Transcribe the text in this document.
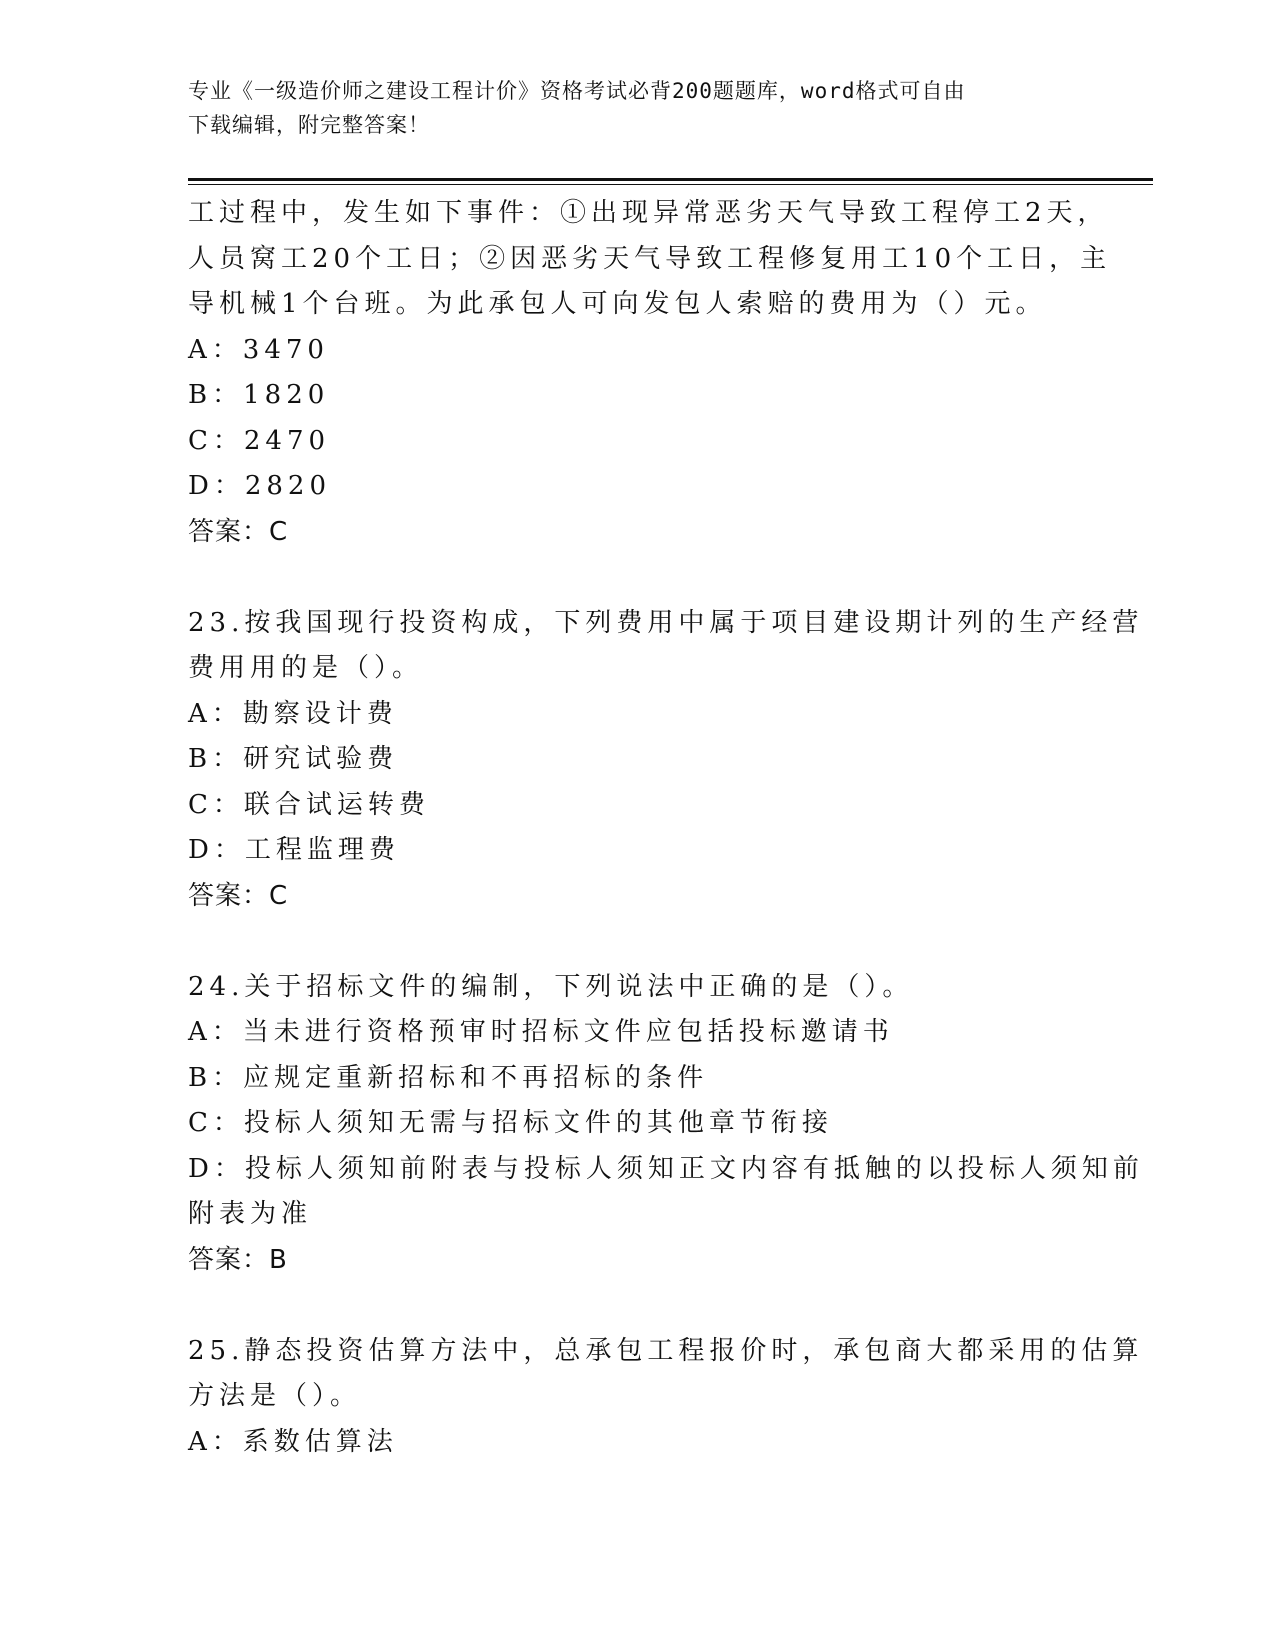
专业《一级造价师之建设工程计价》资格考试必背200题题库，word格式可自由
下载编辑，附完整答案！
工过程中，发生如下事件：①出现异常恶劣天气导致工程停工2天，
人员窝工20个工日；②因恶劣天气导致工程修复用工10个工日，主
导机械1个台班。为此承包人可向发包人索赔的费用为（）元。
A：3470
B：1820
C：2470
D：2820
答案：C
23.按我国现行投资构成，下列费用中属于项目建设期计列的生产经营
费用用的是（）。
A：勘察设计费
B：研究试验费
C：联合试运转费
D：工程监理费
答案：C
24.关于招标文件的编制，下列说法中正确的是（）。
A：当未进行资格预审时招标文件应包括投标邀请书
B：应规定重新招标和不再招标的条件
C：投标人须知无需与招标文件的其他章节衔接
D：投标人须知前附表与投标人须知正文内容有抵触的以投标人须知前
附表为准
答案：B
25.静态投资估算方法中，总承包工程报价时，承包商大都采用的估算
方法是（）。
A：系数估算法
